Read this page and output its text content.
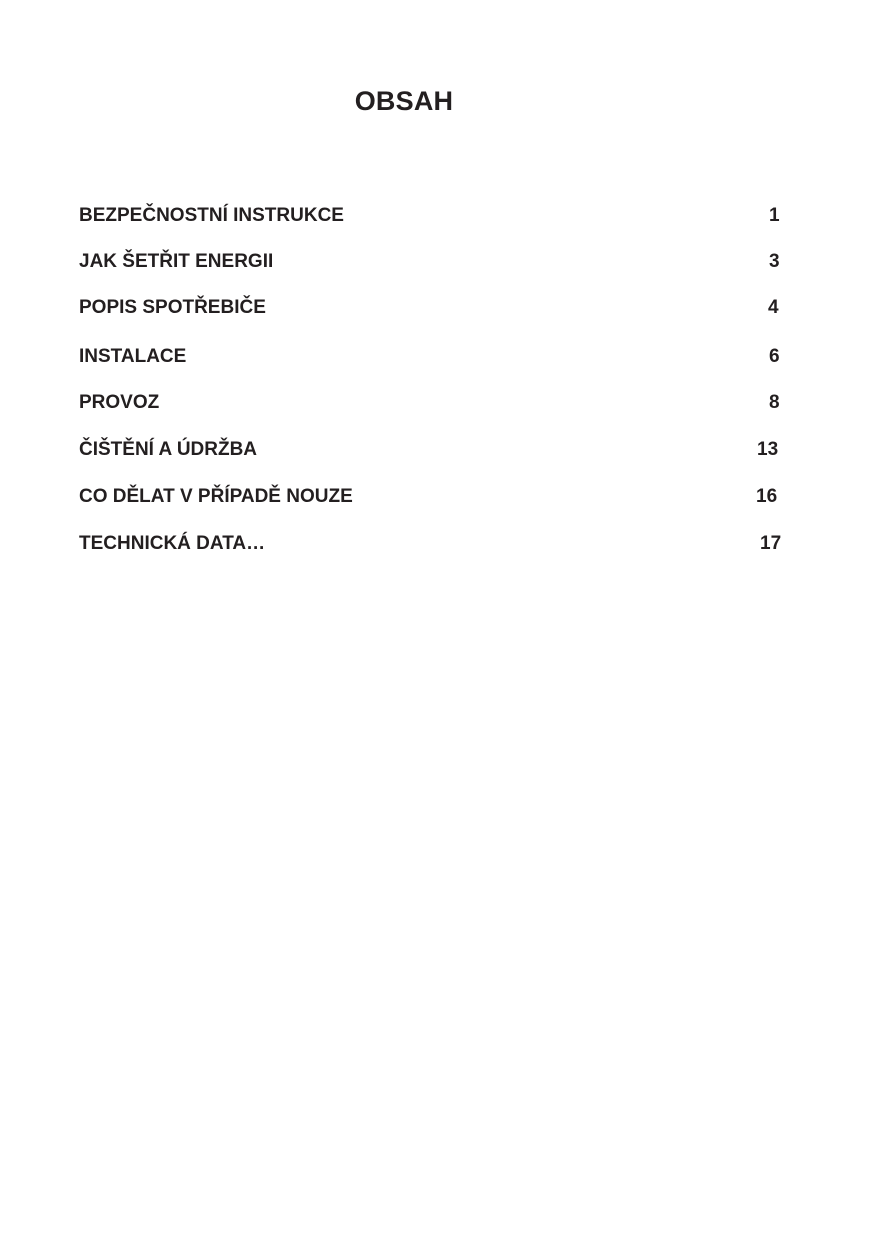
OBSAH
BEZPEČNOSTNÍ INSTRUKCE	1
JAK ŠETŘIT ENERGII	3
POPIS SPOTŘEBIČE	4
INSTALACE	6
PROVOZ	8
ČIŠTĚNÍ A ÚDRŽBA	13
CO DĚLAT V PŘÍPADĚ NOUZE	16
TECHNICKÁ DATA…	17
